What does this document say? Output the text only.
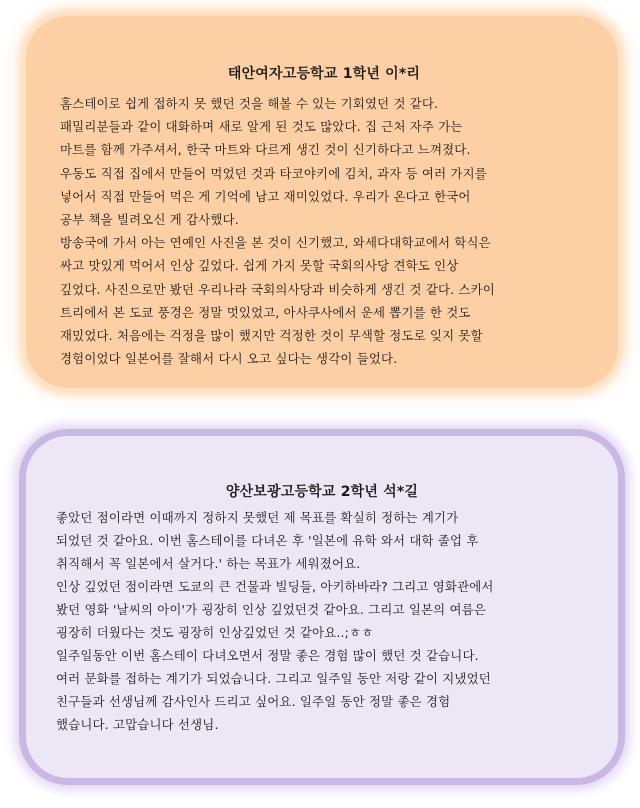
태안여자고등학교 1학년 이*리
홈스테이로 쉽게 접하지 못 했던 것을 해볼 수 있는 기회였던 것 같다.
패밀리분들과 같이 대화하며 새로 알게 된 것도 많았다. 집 근처 자주 가는
마트를 함께 가주셔서, 한국 마트와 다르게 생긴 것이 신기하다고 느껴졌다.
우동도 직접 집에서 만들어 먹었던 것과 타코야키에 김치, 과자 등 여러 가지를
넣어서 직접 만들어 먹은 게 기억에 남고 재미있었다. 우리가 온다고 한국어
공부 책을 빌려오신 게 감사했다.
방송국에 가서 아는 연예인 사진을 본 것이 신기했고, 와세다대학교에서 학식은
싸고 맛있게 먹어서 인상 깊었다. 쉽게 가지 못할 국회의사당 견학도 인상
깊었다. 사진으로만 봤던 우리나라 국회의사당과 비슷하게 생긴 것 같다. 스카이
트리에서 본 도쿄 풍경은 정말 멋있었고, 아사쿠사에서 운세 뽑기를 한 것도
재밌었다. 처음에는 걱정을 많이 했지만 걱정한 것이 무색할 정도로 잊지 못할
경험이었다 일본어를 잘해서 다시 오고 싶다는 생각이 들었다.
양산보광고등학교 2학년 석*길
좋았던 점이라면 이때까지 정하지 못했던 제 목표를 확실히 정하는 계기가
되었던 것 같아요. 이번 홈스테이를 다녀온 후 '일본에 유학 와서 대학 졸업 후
취직해서 꼭 일본에서 살거다.' 하는 목표가 세워졌어요.
인상 깊었던 점이라면 도쿄의 큰 건물과 빌딩들, 아키하바라? 그리고 영화관에서
봤던 영화 '날씨의 아이'가 굉장히 인상 깊었던것 같아요. 그리고 일본의 여름은
굉장히 더웠다는 것도 굉장히 인상깊었던 것 같아요..;ㅎㅎ
일주일동안 이번 홈스테이 다녀오면서 정말 좋은 경험 많이 했던 것 같습니다.
여러 문화를 접하는 계기가 되었습니다. 그리고 일주일 동안 저랑 같이 지냈었던
친구들과 선생님께 감사인사 드리고 싶어요. 일주일 동안 정말 좋은 경험
했습니다. 고맙습니다 선생님.
